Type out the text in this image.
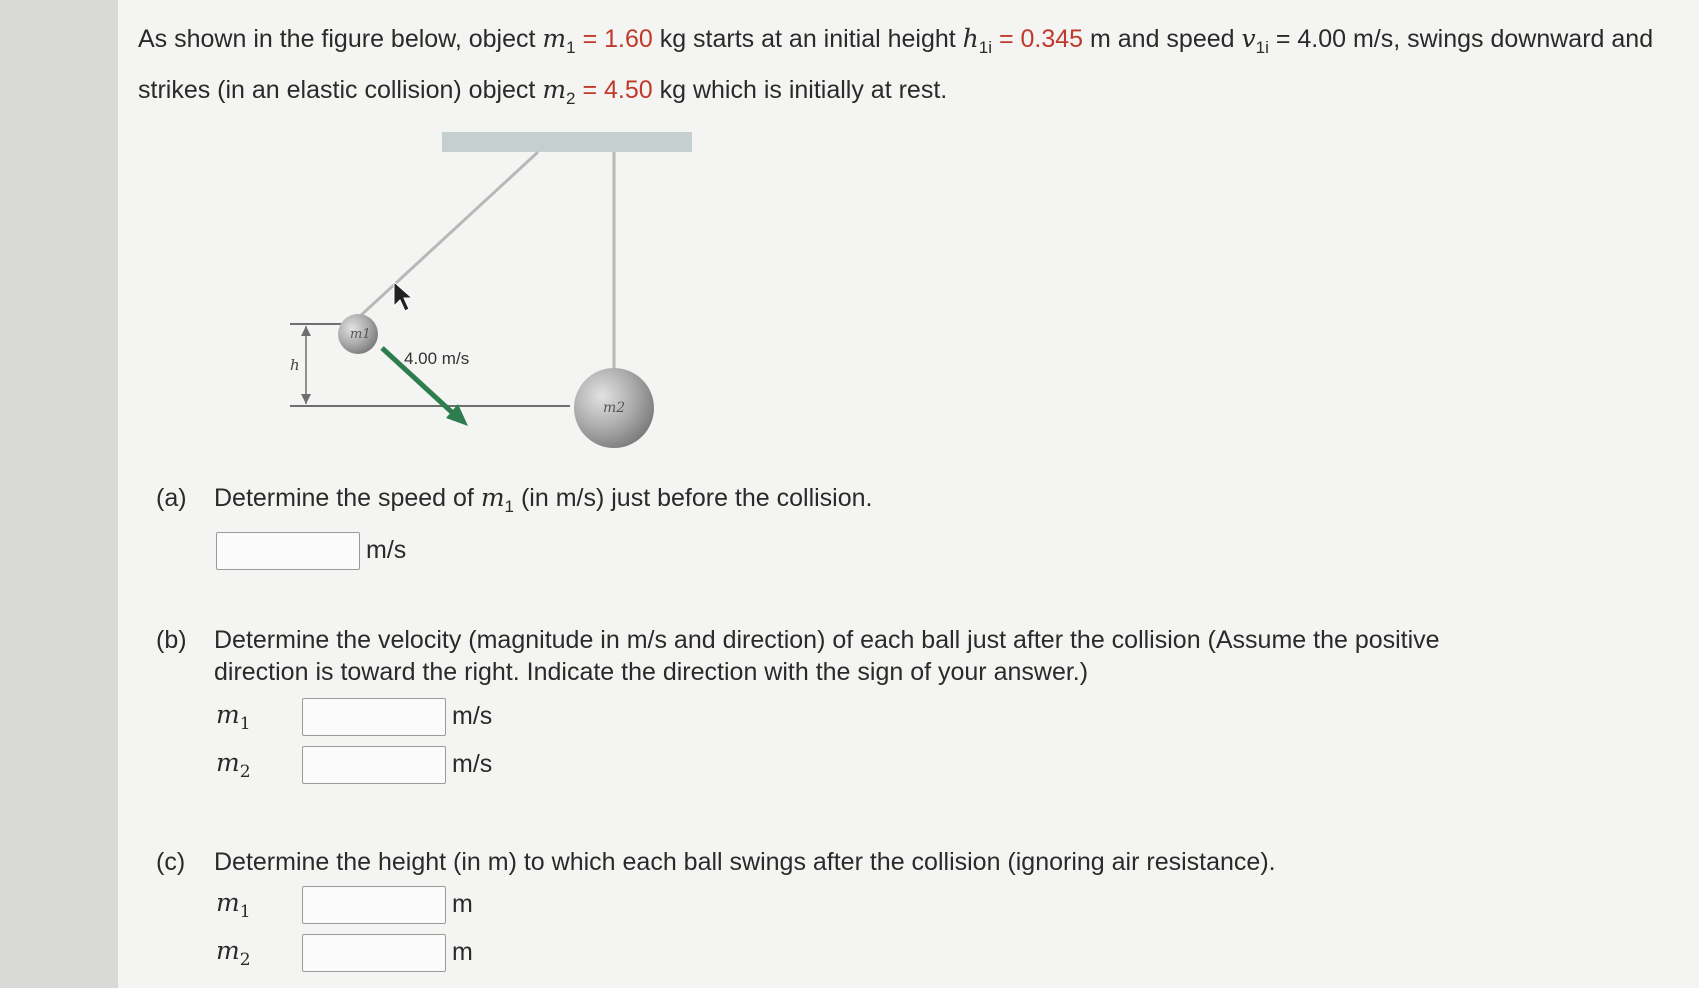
As shown in the figure below, object $m_1 = 1.60$ kg starts at an initial height $h_{1i} = 0.345$ m and speed $v_{1i} = 4.00$ m/s, swings downward and strikes (in an elastic collision) object $m_2 = 4.50$ kg which is initially at rest.
h	4.00 m/s
m1
m2
(a) Determine the speed of $m_1$ (in m/s) just before the collision.
m/s
(b) Determine the velocity (magnitude in m/s and direction) of each ball just after the collision (Assume the positive
direction is toward the right. Indicate the direction with the sign of your answer.)
$m_1$	m/s
$m_2$	m/s
(c) Determine the height (in m) to which each ball swings after the collision (ignoring air resistance).
$m_1$	m
$m_2$	m
